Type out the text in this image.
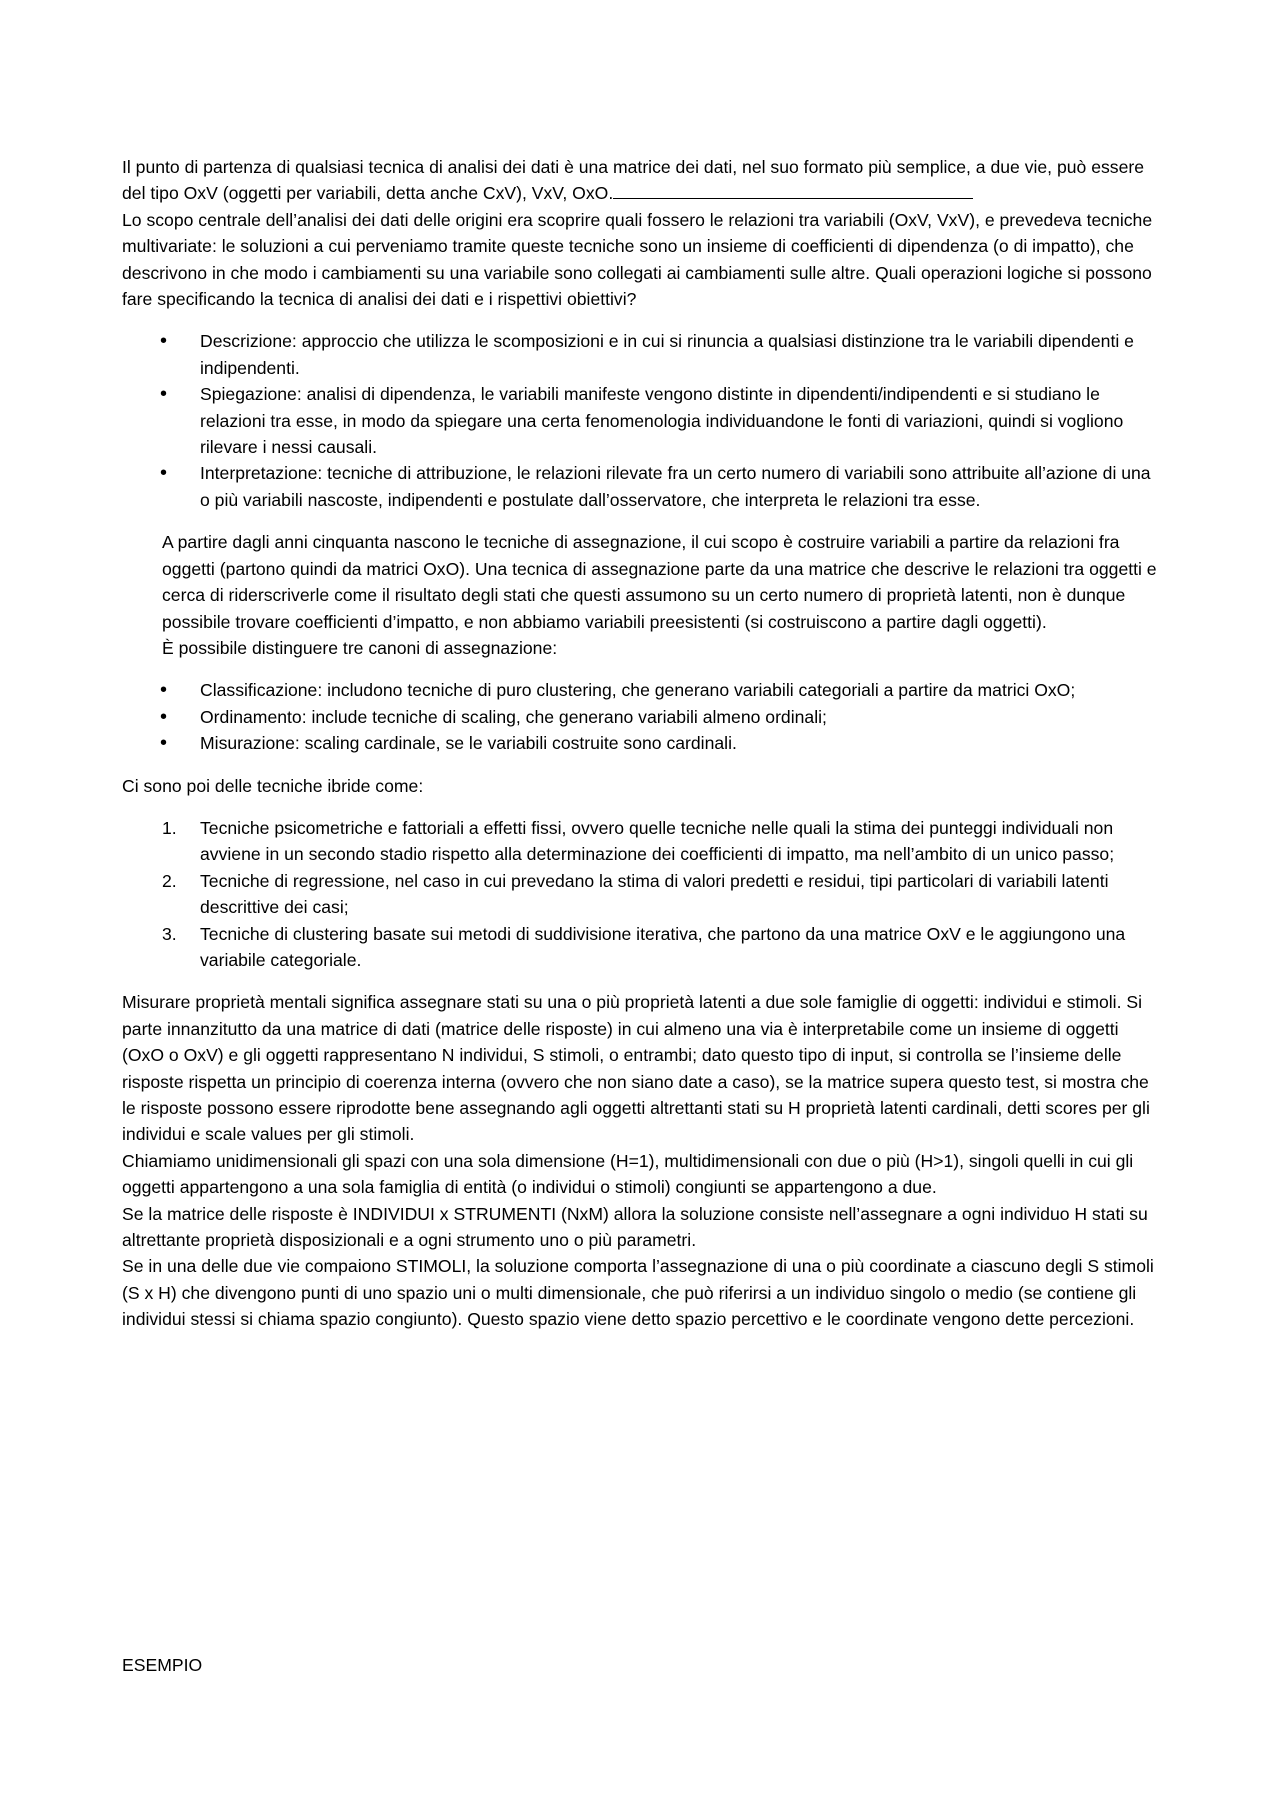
Il punto di partenza di qualsiasi tecnica di analisi dei dati è una matrice dei dati, nel suo formato più semplice, a due vie, può essere del tipo OxV (oggetti per variabili, detta anche CxV), VxV, OxO.

Lo scopo centrale dell’analisi dei dati delle origini era scoprire quali fossero le relazioni tra variabili (OxV, VxV), e prevedeva tecniche multivariate: le soluzioni a cui perveniamo tramite queste tecniche sono un insieme di coefficienti di dipendenza (o di impatto), che descrivono in che modo i cambiamenti su una variabile sono collegati ai cambiamenti sulle altre. Quali operazioni logiche si possono fare specificando la tecnica di analisi dei dati e i rispettivi obiettivi?

• Descrizione: approccio che utilizza le scomposizioni e in cui si rinuncia a qualsiasi distinzione tra le variabili dipendenti e indipendenti.
• Spiegazione: analisi di dipendenza, le variabili manifeste vengono distinte in dipendenti/indipendenti e si studiano le relazioni tra esse, in modo da spiegare una certa fenomenologia individuandone le fonti di variazioni, quindi si vogliono rilevare i nessi causali.
• Interpretazione: tecniche di attribuzione, le relazioni rilevate fra un certo numero di variabili sono attribuite all’azione di una o più variabili nascoste, indipendenti e postulate dall’osservatore, che interpreta le relazioni tra esse.

A partire dagli anni cinquanta nascono le tecniche di assegnazione, il cui scopo è costruire variabili a partire da relazioni fra oggetti (partono quindi da matrici OxO). Una tecnica di assegnazione parte da una matrice che descrive le relazioni tra oggetti e cerca di riderscriverle come il risultato degli stati che questi assumono su un certo numero di proprietà latenti, non è dunque possibile trovare coefficienti d’impatto, e non abbiamo variabili preesistenti (si costruiscono a partire dagli oggetti).

È possibile distinguere tre canoni di assegnazione:

• Classificazione: includono tecniche di puro clustering, che generano variabili categoriali a partire da matrici OxO;
• Ordinamento: include tecniche di scaling, che generano variabili almeno ordinali;
• Misurazione: scaling cardinale, se le variabili costruite sono cardinali.

Ci sono poi delle tecniche ibride come:

1. Tecniche psicometriche e fattoriali a effetti fissi, ovvero quelle tecniche nelle quali la stima dei punteggi individuali non avviene in un secondo stadio rispetto alla determinazione dei coefficienti di impatto, ma nell’ambito di un unico passo;
2. Tecniche di regressione, nel caso in cui prevedano la stima di valori predetti e residui, tipi particolari di variabili latenti descrittive dei casi;
3. Tecniche di clustering basate sui metodi di suddivisione iterativa, che partono da una matrice OxV e le aggiungono una variabile categoriale.

Misurare proprietà mentali significa assegnare stati su una o più proprietà latenti a due sole famiglie di oggetti: individui e stimoli. Si parte innanzitutto da una matrice di dati (matrice delle risposte) in cui almeno una via è interpretabile come un insieme di oggetti (OxO o OxV) e gli oggetti rappresentano N individui, S stimoli, o entrambi; dato questo tipo di input, si controlla se l’insieme delle risposte rispetta un principio di coerenza interna (ovvero che non siano date a caso), se la matrice supera questo test, si mostra che le risposte possono essere riprodotte bene assegnando agli oggetti altrettanti stati su H proprietà latenti cardinali, detti scores per gli individui e scale values per gli stimoli.

Chiamiamo unidimensionali gli spazi con una sola dimensione (H=1), multidimensionali con due o più (H>1), singoli quelli in cui gli oggetti appartengono a una sola famiglia di entità (o individui o stimoli) congiunti se appartengono a due.

Se la matrice delle risposte è INDIVIDUI x STRUMENTI (NxM) allora la soluzione consiste nell’assegnare a ogni individuo H stati su altrettante proprietà disposizionali e a ogni strumento uno o più parametri.

Se in una delle due vie compaiono STIMOLI, la soluzione comporta l’assegnazione di una o più coordinate a ciascuno degli S stimoli (S x H) che divengono punti di uno spazio uni o multi dimensionale, che può riferirsi a un individuo singolo o medio (se contiene gli individui stessi si chiama spazio congiunto). Questo spazio viene detto spazio percettivo e le coordinate vengono dette percezioni.

ESEMPIO
